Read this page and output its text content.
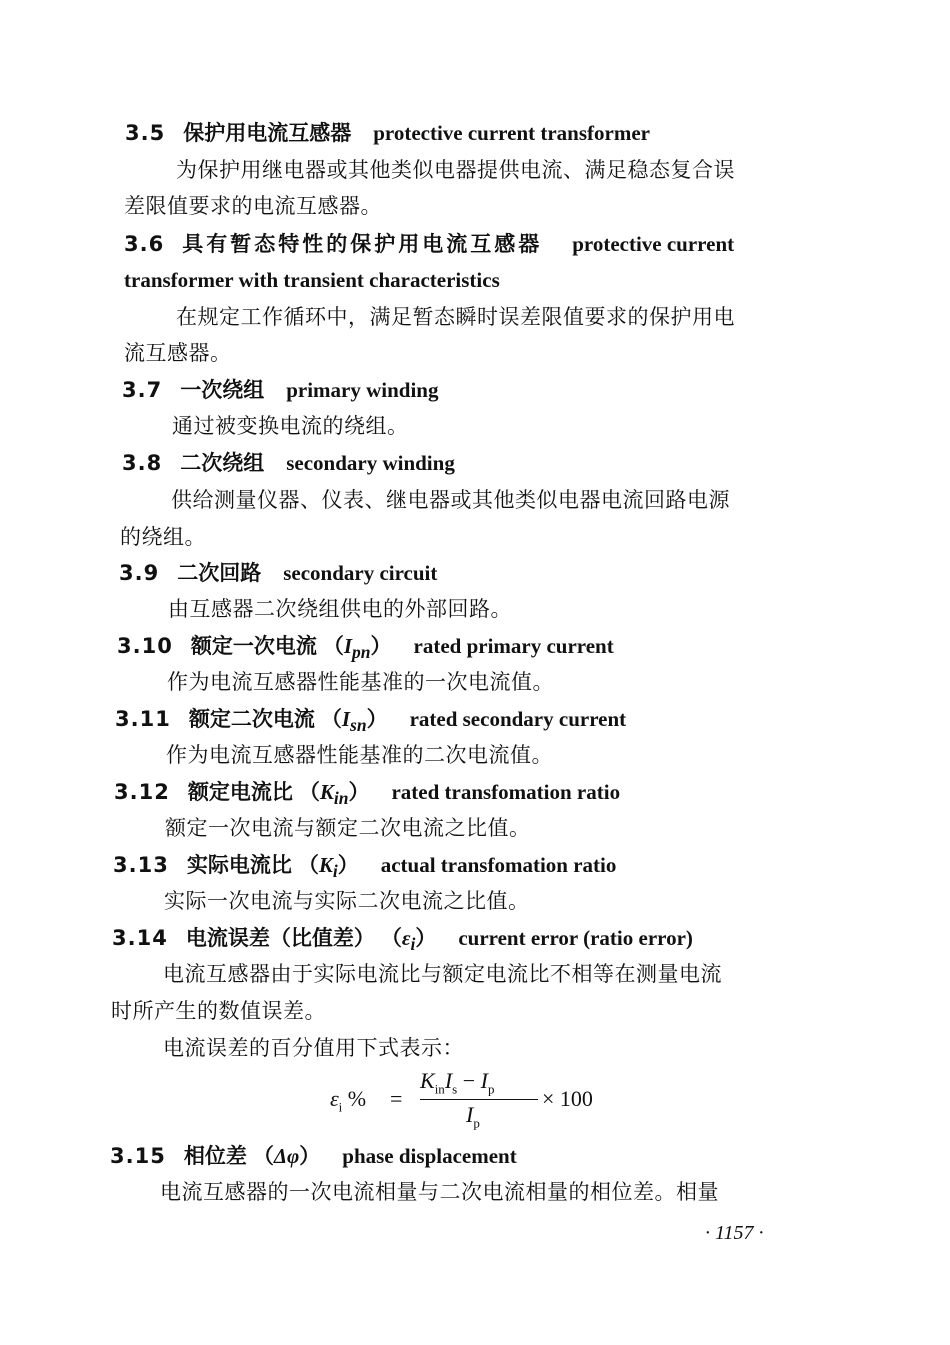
3.5 保护用电流互感器 protective current transformer
为保护用继电器或其他类似电器提供电流、满足稳态复合误
差限值要求的电流互感器。
3.6 具有暂态特性的保护用电流互感器 protective current
transformer with transient characteristics
在规定工作循环中，满足暂态瞬时误差限值要求的保护用电
流互感器。
3.7 一次绕组 primary winding
通过被变换电流的绕组。
3.8 二次绕组 secondary winding
供给测量仪器、仪表、继电器或其他类似电器电流回路电源
的绕组。
3.9 二次回路 secondary circuit
由互感器二次绕组供电的外部回路。
3.10 额定一次电流 $(I_{pn})$ rated primary current
作为电流互感器性能基准的一次电流值。
3.11 额定二次电流 $(I_{sn})$ rated secondary current
作为电流互感器性能基准的二次电流值。
3.12 额定电流比 $(K_{in})$ rated transfomation ratio
额定一次电流与额定二次电流之比值。
3.13 实际电流比 $(K_i)$ actual transfomation ratio
实际一次电流与实际二次电流之比值。
3.14 电流误差（比值差） $(\varepsilon_i)$ current error (ratio error)
电流互感器由于实际电流比与额定电流比不相等在测量电流
时所产生的数值误差。
电流误差的百分值用下式表示：
$\varepsilon_i$ % =
$K_{in}I_s - I_p$
$I_p$
× 100
3.15 相位差 （Δφ） phase displacement
电流互感器的一次电流相量与二次电流相量的相位差。相量
· 1157 ·
